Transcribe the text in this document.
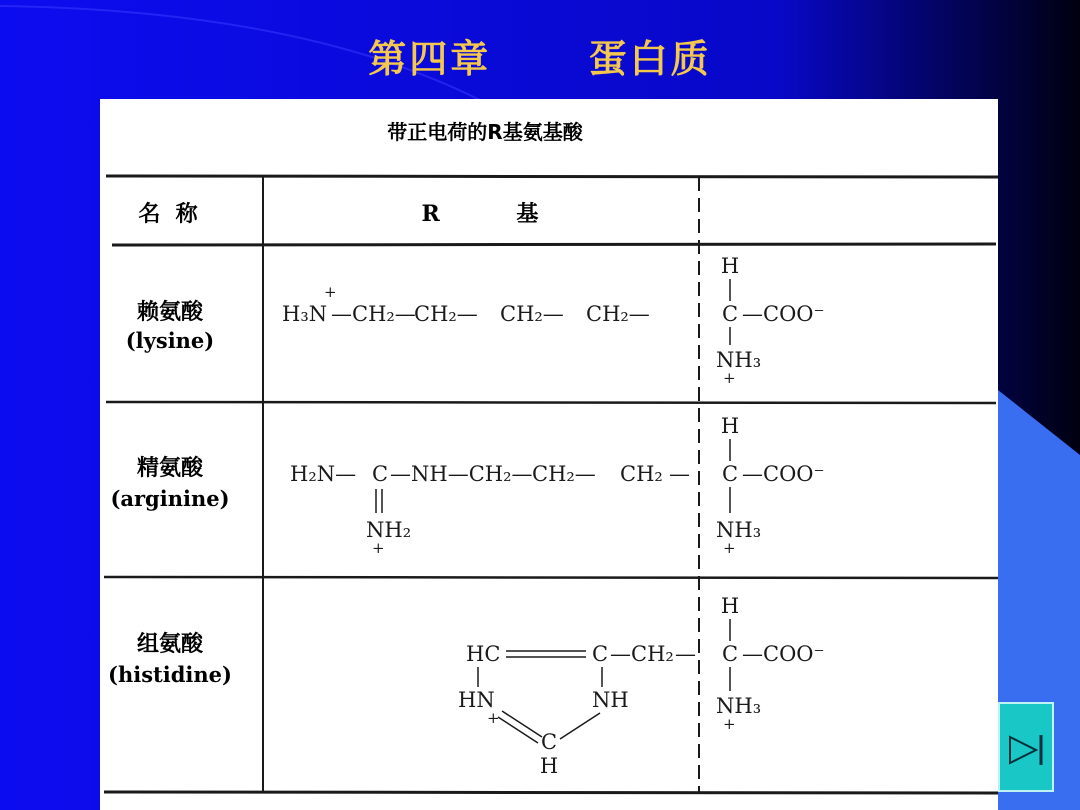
第四章      蛋白质
带正电荷的R基氨基酸
名  称	R          基
赖氨酸
(lysine)
H₃N
+
—CH₂—
CH₂— CH₂— CH₂—
H
C —COO⁻
NH₃
+
精氨酸
(arginine)
H₂N— C —NH—CH₂— CH₂— CH₂ —
NH₂
+
H
C —COO⁻
NH₃
+
组氨酸
(histidine)
HC	C —CH₂ —
HN
+
NH
C
H
H
C —COO⁻
NH₃
+
